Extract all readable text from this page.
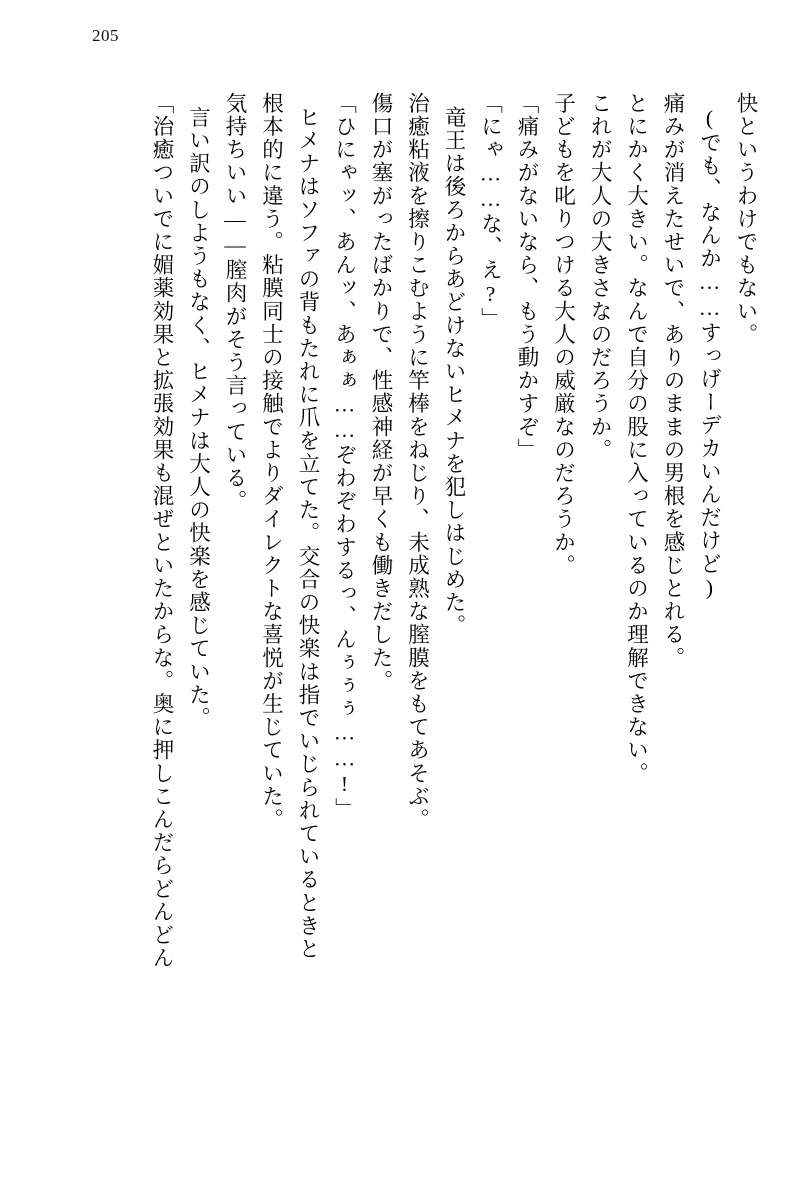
205
快というわけでもない。
(でも、なんか……すっげーデカいんだけど)
痛みが消えたせいで、ありのままの男根を感じとれる。
とにかく大きい。なんで自分の股に入っているのか理解できない。
これが大人の大きさなのだろうか。
子どもを叱りつける大人の威厳なのだろうか。
「痛みがないなら、もう動かすぞ」
「にゃ……な、え?」
竜王は後ろからあどけないヒメナを犯しはじめた。
治癒粘液を擦りこむように竿棒をねじり、未成熟な膣膜をもてあそぶ。
傷口が塞がったばかりで、性感神経が早くも働きだした。
「ひにゃッ、あんッ、あぁぁ……ぞわぞわするっ、んぅぅぅ……!」
ヒメナはソファの背もたれに爪を立てた。交合の快楽は指でいじられているときと
根本的に違う。粘膜同士の接触でよりダイレクトな喜悦が生じていた。
気持ちいい——膣肉がそう言っている。
言い訳のしようもなく、ヒメナは大人の快楽を感じていた。
「治癒ついでに媚薬効果と拡張効果も混ぜといたからな。奥に押しこんだらどんどん
